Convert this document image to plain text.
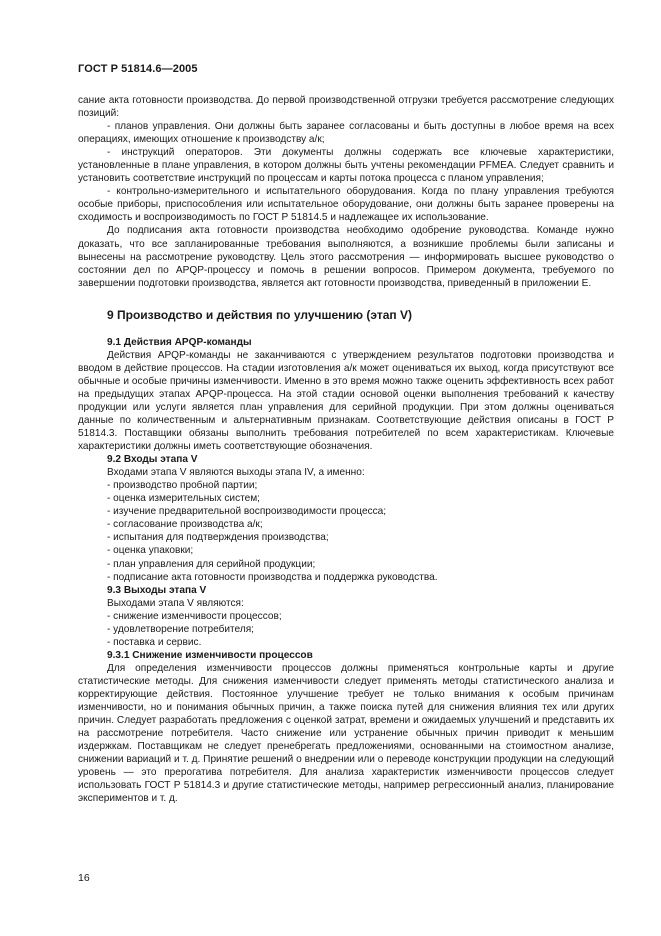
ГОСТ Р 51814.6—2005

сание акта готовности производства. До первой производственной отгрузки требуется рассмотрение следующих позиций:

- планов управления. Они должны быть заранее согласованы и быть доступны в любое время на всех операциях, имеющих отношение к производству а/к;

- инструкций операторов. Эти документы должны содержать все ключевые характеристики, установленные в плане управления, в котором должны быть учтены рекомендации PFMEA. Следует сравнить и установить соответствие инструкций по процессам и карты потока процесса с планом управления;

- контрольно-измерительного и испытательного оборудования. Когда по плану управления требуются особые приборы, приспособления или испытательное оборудование, они должны быть заранее проверены на сходимость и воспроизводимость по ГОСТ Р 51814.5 и надлежащее их использование.

До подписания акта готовности производства необходимо одобрение руководства. Команде нужно доказать, что все запланированные требования выполняются, а возникшие проблемы были записаны и вынесены на рассмотрение руководству. Цель этого рассмотрения — информировать высшее руководство о состоянии дел по APQP-процессу и помочь в решении вопросов. Примером документа, требуемого по завершении подготовки производства, является акт готовности производства, приведенный в приложении Е.

9 Производство и действия по улучшению (этап V)
9.1 Действия APQP-команды

Действия APQP-команды не заканчиваются с утверждением результатов подготовки производства и вводом в действие процессов. На стадии изготовления а/к может оцениваться их выход, когда присутствуют все обычные и особые причины изменчивости. Именно в это время можно также оценить эффективность всех работ на предыдущих этапах APQP-процесса. На этой стадии основой оценки выполнения требований к качеству продукции или услуги является план управления для серийной продукции. При этом должны оцениваться данные по количественным и альтернативным признакам. Соответствующие действия описаны в ГОСТ Р 51814.3. Поставщики обязаны выполнить требования потребителей по всем характеристикам. Ключевые характеристики должны иметь соответствующие обозначения.

9.2 Входы этапа V
Входами этапа V являются выходы этапа IV, а именно:
- производство пробной партии;
- оценка измерительных систем;
- изучение предварительной воспроизводимости процесса;
- согласование производства а/к;
- испытания для подтверждения производства;
- оценка упаковки;
- план управления для серийной продукции;
- подписание акта готовности производства и поддержка руководства.
9.3 Выходы этапа V
Выходами этапа V являются:
- снижение изменчивости процессов;
- удовлетворение потребителя;
- поставка и сервис.
9.3.1 Снижение изменчивости процессов

Для определения изменчивости процессов должны применяться контрольные карты и другие статистические методы. Для снижения изменчивости следует применять методы статистического анализа и корректирующие действия. Постоянное улучшение требует не только внимания к особым причинам изменчивости, но и понимания обычных причин, а также поиска путей для снижения влияния тех или других причин. Следует разработать предложения с оценкой затрат, времени и ожидаемых улучшений и представить их на рассмотрение потребителя. Часто снижение или устранение обычных причин приводит к меньшим издержкам. Поставщикам не следует пренебрегать предложениями, основанными на стоимостном анализе, снижении вариаций и т. д. Принятие решений о внедрении или о переводе конструкции продукции на следующий уровень — это прерогатива потребителя. Для анализа характеристик изменчивости процессов следует использовать ГОСТ Р 51814.3 и другие статистические методы, например регрессионный анализ, планирование экспериментов и т. д.

16
